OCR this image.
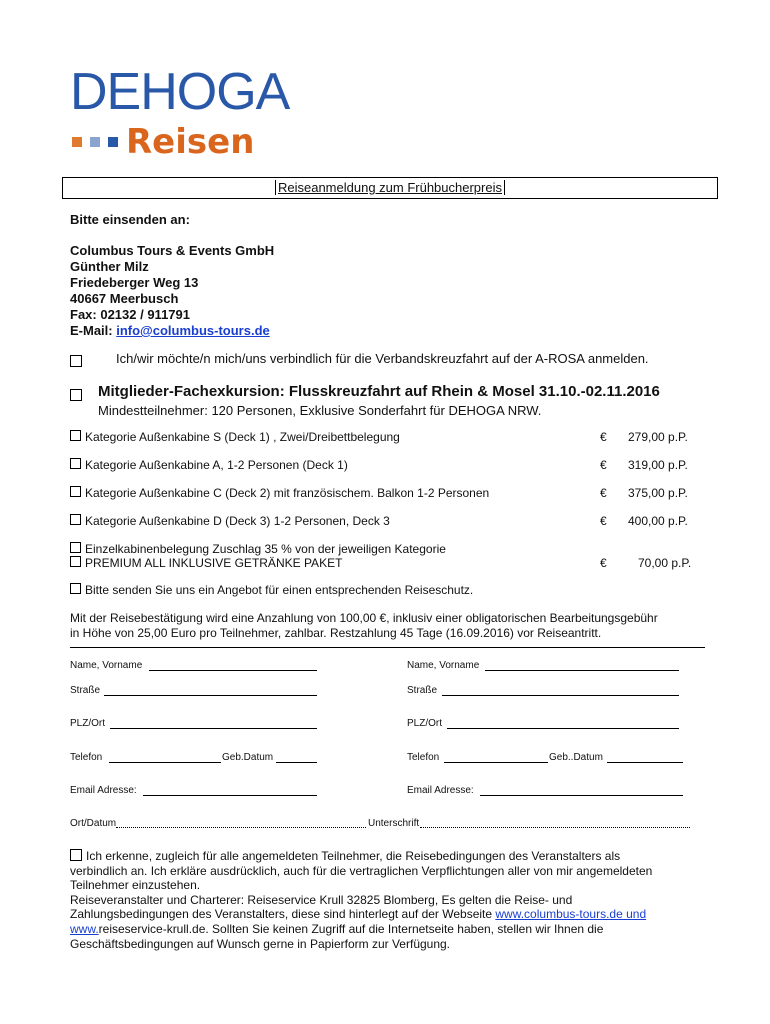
DEHOGA
Reisen
Reiseanmeldung zum Frühbucherpreis
Bitte einsenden an:
Columbus Tours & Events GmbH
Günther Milz
Friedeberger Weg 13
40667 Meerbusch
Fax: 02132 / 911791
E-Mail: info@columbus-tours.de
Ich/wir möchte/n mich/uns verbindlich für die Verbandskreuzfahrt auf der A-ROSA anmelden.
Mitglieder-Fachexkursion: Flusskreuzfahrt auf Rhein & Mosel 31.10.-02.11.2016
Mindestteilnehmer: 120 Personen, Exklusive Sonderfahrt für DEHOGA NRW.
Kategorie Außenkabine S (Deck 1) , Zwei/Dreibettbelegung	€ 279,00 p.P.
Kategorie Außenkabine A, 1-2 Personen (Deck 1)	€ 319,00 p.P.
Kategorie Außenkabine C (Deck 2) mit französischem. Balkon 1-2 Personen	€ 375,00 p.P.
Kategorie Außenkabine D (Deck 3) 1-2 Personen, Deck 3	€ 400,00 p.P.
Einzelkabinenbelegung Zuschlag 35 % von der jeweiligen Kategorie
PREMIUM ALL INKLUSIVE GETRÄNKE PAKET	€	70,00 p.P.
Bitte senden Sie uns ein Angebot für einen entsprechenden Reiseschutz.
Mit der Reisebestätigung wird eine Anzahlung von 100,00 €, inklusiv einer obligatorischen Bearbeitungsgebühr
in Höhe von 25,00 Euro pro Teilnehmer, zahlbar. Restzahlung 45 Tage (16.09.2016) vor Reiseantritt.
Name, Vorname
Straße
PLZ/Ort
Telefon	Geb.Datum
Email Adresse:
Name, Vorname
Straße
PLZ/Ort
Telefon	Geb..Datum
Email Adresse:
Ort/Datum	Unterschrift
Ich erkenne, zugleich für alle angemeldeten Teilnehmer, die Reisebedingungen des Veranstalters als
verbindlich an. Ich erkläre ausdrücklich, auch für die vertraglichen Verpflichtungen aller von mir angemeldeten
Teilnehmer einzustehen.
Reiseveranstalter und Charterer: Reiseservice Krull 32825 Blomberg, Es gelten die Reise- und
Zahlungsbedingungen des Veranstalters, diese sind hinterlegt auf der Webseite www.columbus-tours.de und
www.reiseservice-krull.de. Sollten Sie keinen Zugriff auf die Internetseite haben, stellen wir Ihnen die
Geschäftsbedingungen auf Wunsch gerne in Papierform zur Verfügung.
